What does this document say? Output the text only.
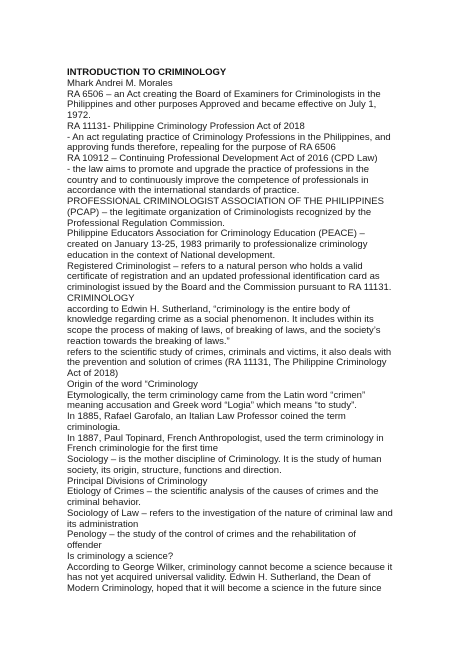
INTRODUCTION TO CRIMINOLOGY
Mhark Andrei M. Morales
RA 6506 – an Act creating the Board of Examiners for Criminologists in the
Philippines and other purposes Approved and became effective on July 1,
1972.
RA 11131- Philippine Criminology Profession Act of 2018
- An act regulating practice of Criminology Professions in the Philippines, and
approving funds therefore, repealing for the purpose of RA 6506
RA 10912 – Continuing Professional Development Act of 2016 (CPD Law)
- the law aims to promote and upgrade the practice of professions in the
country and to continuously improve the competence of professionals in
accordance with the international standards of practice.
PROFESSIONAL CRIMINOLOGIST ASSOCIATION OF THE PHILIPPINES
(PCAP) – the legitimate organization of Criminologists recognized by the
Professional Regulation Commission.
Philippine Educators Association for Criminology Education (PEACE) –
created on January 13-25, 1983 primarily to professionalize criminology
education in the context of National development.
Registered Criminologist – refers to a natural person who holds a valid
certificate of registration and an updated professional identification card as
criminologist issued by the Board and the Commission pursuant to RA 11131.
CRIMINOLOGY
according to Edwin H. Sutherland, “criminology is the entire body of
knowledge regarding crime as a social phenomenon. It includes within its
scope the process of making of laws, of breaking of laws, and the society’s
reaction towards the breaking of laws.”
refers to the scientific study of crimes, criminals and victims, it also deals with
the prevention and solution of crimes (RA 11131, The Philippine Criminology
Act of 2018)
Origin of the word “Criminology
Etymologically, the term criminology came from the Latin word “crimen”
meaning accusation and Greek word “Logia” which means “to study”.
In 1885, Rafael Garofalo, an Italian Law Professor coined the term
criminologia.
In 1887, Paul Topinard, French Anthropologist, used the term criminology in
French criminologie for the first time
Sociology – is the mother discipline of Criminology. It is the study of human
society, its origin, structure, functions and direction.
Principal Divisions of Criminology
Etiology of Crimes – the scientific analysis of the causes of crimes and the
criminal behavior.
Sociology of Law – refers to the investigation of the nature of criminal law and
its administration
Penology – the study of the control of crimes and the rehabilitation of
offender
Is criminology a science?
According to George Wilker, criminology cannot become a science because it
has not yet acquired universal validity. Edwin H. Sutherland, the Dean of
Modern Criminology, hoped that it will become a science in the future since
